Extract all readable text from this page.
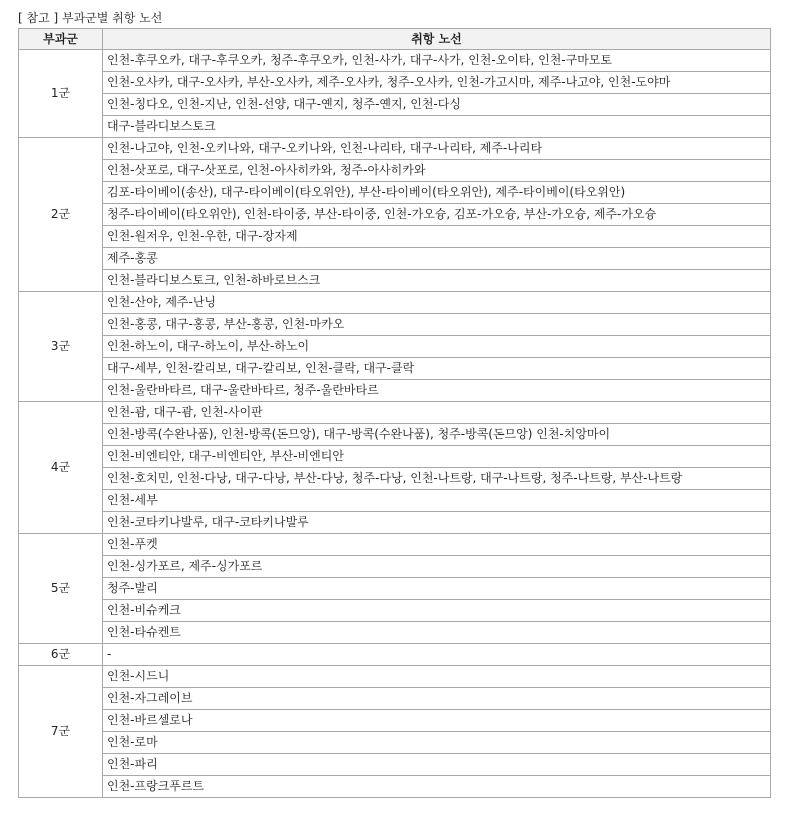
[ 참고 ] 부과군별 취항 노선
부과군	취항 노선
1군	인천-후쿠오카, 대구-후쿠오카, 청주-후쿠오카, 인천-사가, 대구-사가, 인천-오이타, 인천-구마모토
	인천-오사카, 대구-오사카, 부산-오사카, 제주-오사카, 청주-오사카, 인천-가고시마, 제주-나고야, 인천-도야마
	인천-칭다오, 인천-지난, 인천-선양, 대구-옌지, 청주-옌지, 인천-다싱
	대구-블라디보스토크
2군	인천-나고야, 인천-오키나와, 대구-오키나와, 인천-나리타, 대구-나리타, 제주-나리타
	인천-삿포로, 대구-삿포로, 인천-아사히카와, 청주-아사히카와
	김포-타이베이(송산), 대구-타이베이(타오위안), 부산-타이베이(타오위안), 제주-타이베이(타오위안)
	청주-타이베이(타오위안), 인천-타이중, 부산-타이중, 인천-가오슝, 김포-가오슝, 부산-가오슝, 제주-가오슝
	인천-원저우, 인천-우한, 대구-장자제
	제주-홍콩
	인천-블라디보스토크, 인천-하바로브스크
3군	인천-산야, 제주-난닝
	인천-홍콩, 대구-홍콩, 부산-홍콩, 인천-마카오
	인천-하노이, 대구-하노이, 부산-하노이
	대구-세부, 인천-칼리보, 대구-칼리보, 인천-클락, 대구-클락
	인천-울란바타르, 대구-울란바타르, 청주-울란바타르
4군	인천-괌, 대구-괌, 인천-사이판
	인천-방콕(수완나품), 인천-방콕(돈므앙), 대구-방콕(수완나품), 청주-방콕(돈므앙) 인천-치앙마이
	인천-비엔티안, 대구-비엔티안, 부산-비엔티안
	인천-호치민, 인천-다낭, 대구-다낭, 부산-다낭, 청주-다낭, 인천-나트랑, 대구-나트랑, 청주-나트랑, 부산-나트랑
	인천-세부
	인천-코타키나발루, 대구-코타키나발루
5군	인천-푸켓
	인천-싱가포르, 제주-싱가포르
	청주-발리
	인천-비슈케크
	인천-타슈켄트
6군	-
7군	인천-시드니
	인천-자그레이브
	인천-바르셀로나
	인천-로마
	인천-파리
	인천-프랑크푸르트
